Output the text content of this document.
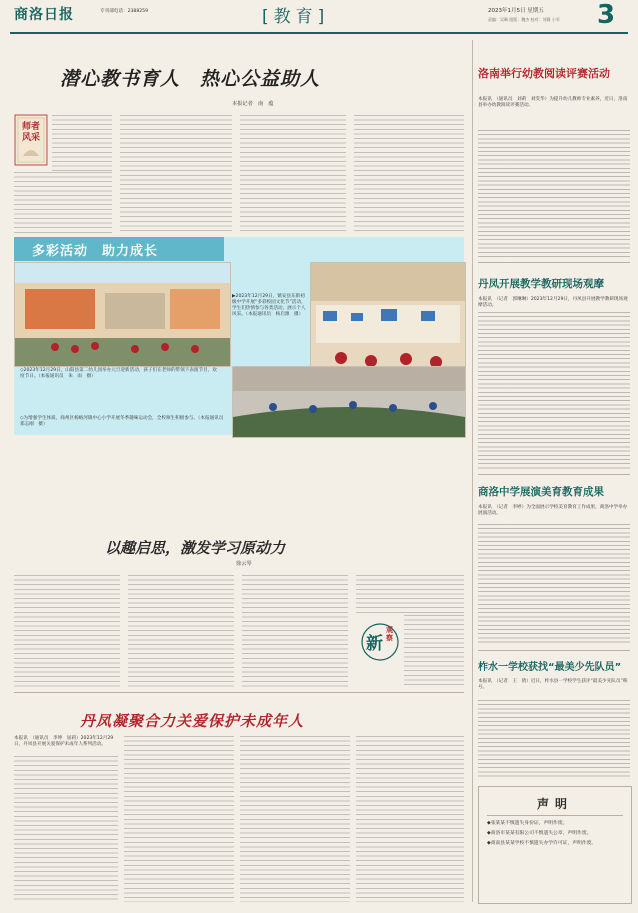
商洛日报	专刊部电话：2388259	[教育]	2023年1月5日 星期五
责编：吴琳 组版：魏杰 校对：刘静 小军 3
潜心教书育人　热心公益助人
本报记者　南　蕴
师者风采
多彩活动　助力成长
◇2023年12月29日，山阳县第二幼儿园举办元旦迎新活动，孩子们在老师的带领下表演节目，欢度节日。（本报通讯员　朱　雨　摄）
▶2023年12月29日，镇安县东街初级中学开展“多彩校园文化节”活动，学生们热情参与各类活动，展示个人风采。（本报通讯员　杨启源　摄）
◇为增强学生体质，商州区杨峪河镇中心小学开展冬季趣味运动会，全校师生积极参与。（本报通讯员　郑志刚　摄）
以趣启思，激发学习原动力
徐云琴
新
观察
丹凤凝聚合力关爱保护未成年人
本报讯　（通讯员　李坤　屈莉）2023年12月29日，丹凤县开展关爱保护未成年人系列活动。
洛南举行幼教阅读评赛活动
本报讯　（通讯员　刘莉　刘雯华）为提升幼儿教师专业素养，近日，洛南县举办幼教阅读评赛活动。
丹凤开展教学教研现场观摩
本报讯　（记者　郭琳琳）2023年12月29日，丹凤县开展教学教研现场观摩活动。
商洛中学展演美育教育成果
本报讯　（记者　李婷）为全面展示学校美育教育工作成果，商洛中学举办展演活动。
柞水一学校获找“最美少先队员”
本报讯　（记者　王　倩）近日，柞水县一学校学生获评“最美少先队员”称号。
声明
◆张某某不慎遗失身份证，声明作废。
◆商洛市某某有限公司不慎遗失公章，声明作废。
◆商南县某某学校不慎遗失办学许可证，声明作废。
